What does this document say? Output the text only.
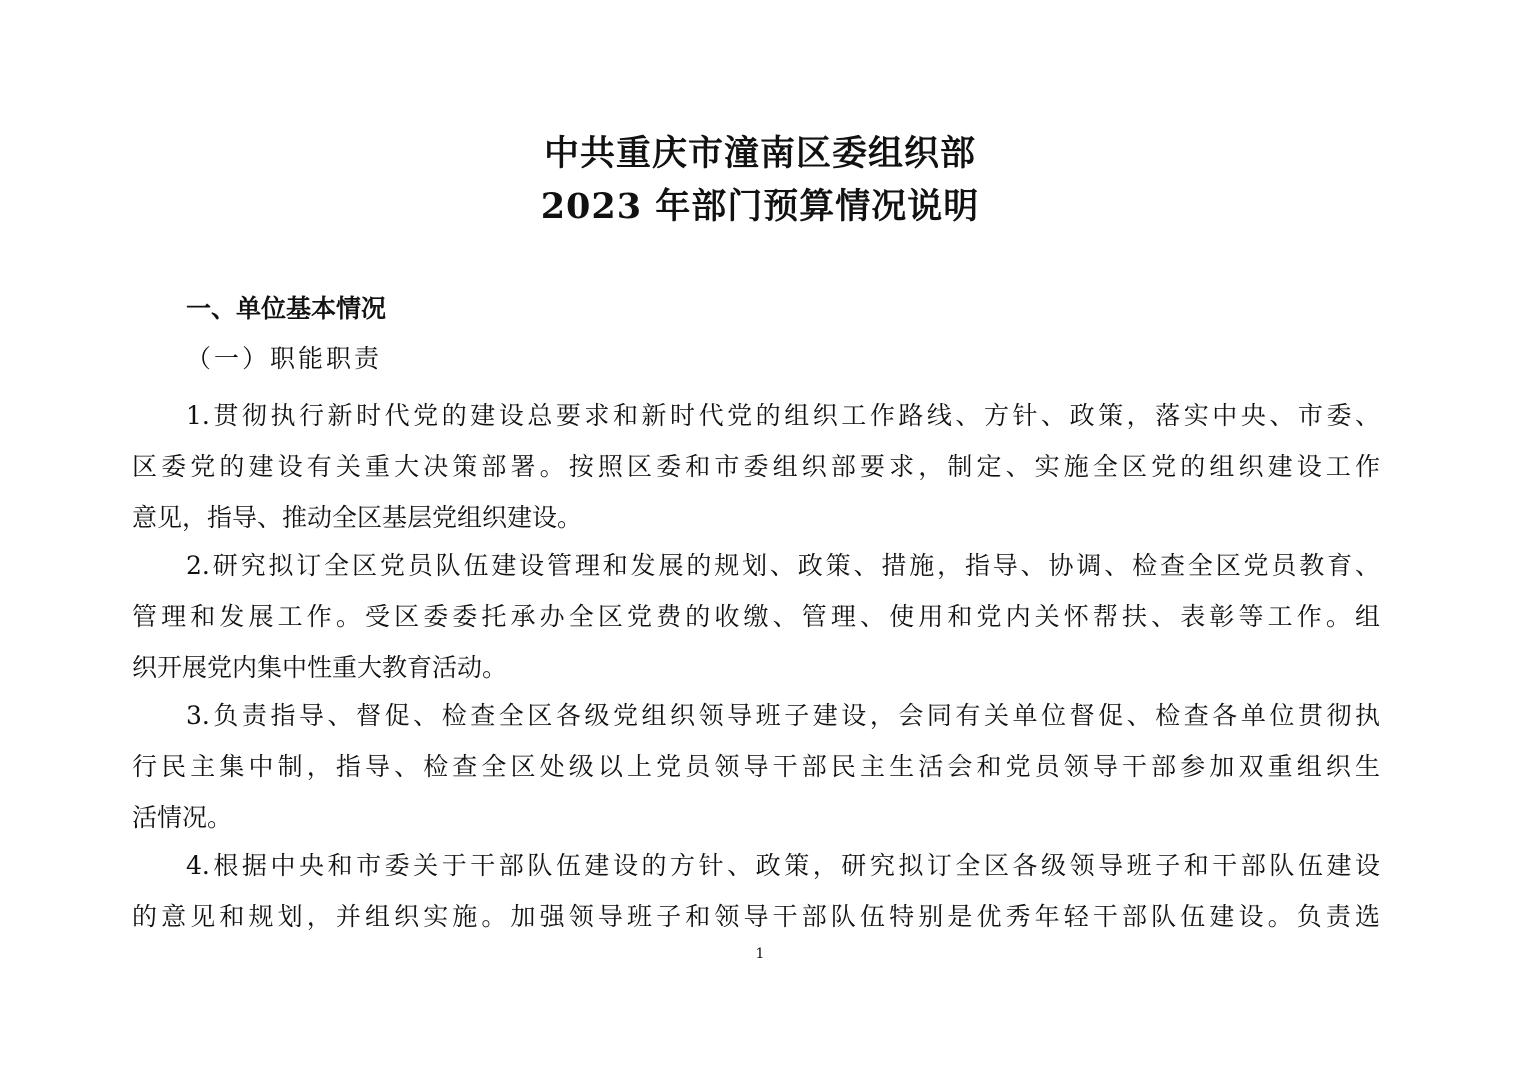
中共重庆市潼南区委组织部
2023 年部门预算情况说明
一、单位基本情况
（一）职能职责
1.贯彻执行新时代党的建设总要求和新时代党的组织工作路线、方针、政策，落实中央、市委、
区委党的建设有关重大决策部署。按照区委和市委组织部要求，制定、实施全区党的组织建设工作
意见，指导、推动全区基层党组织建设。
2.研究拟订全区党员队伍建设管理和发展的规划、政策、措施，指导、协调、检查全区党员教育、
管理和发展工作。受区委委托承办全区党费的收缴、管理、使用和党内关怀帮扶、表彰等工作。组
织开展党内集中性重大教育活动。
3.负责指导、督促、检查全区各级党组织领导班子建设，会同有关单位督促、检查各单位贯彻执
行民主集中制，指导、检查全区处级以上党员领导干部民主生活会和党员领导干部参加双重组织生
活情况。
4.根据中央和市委关于干部队伍建设的方针、政策，研究拟订全区各级领导班子和干部队伍建设
的意见和规划，并组织实施。加强领导班子和领导干部队伍特别是优秀年轻干部队伍建设。负责选
1
